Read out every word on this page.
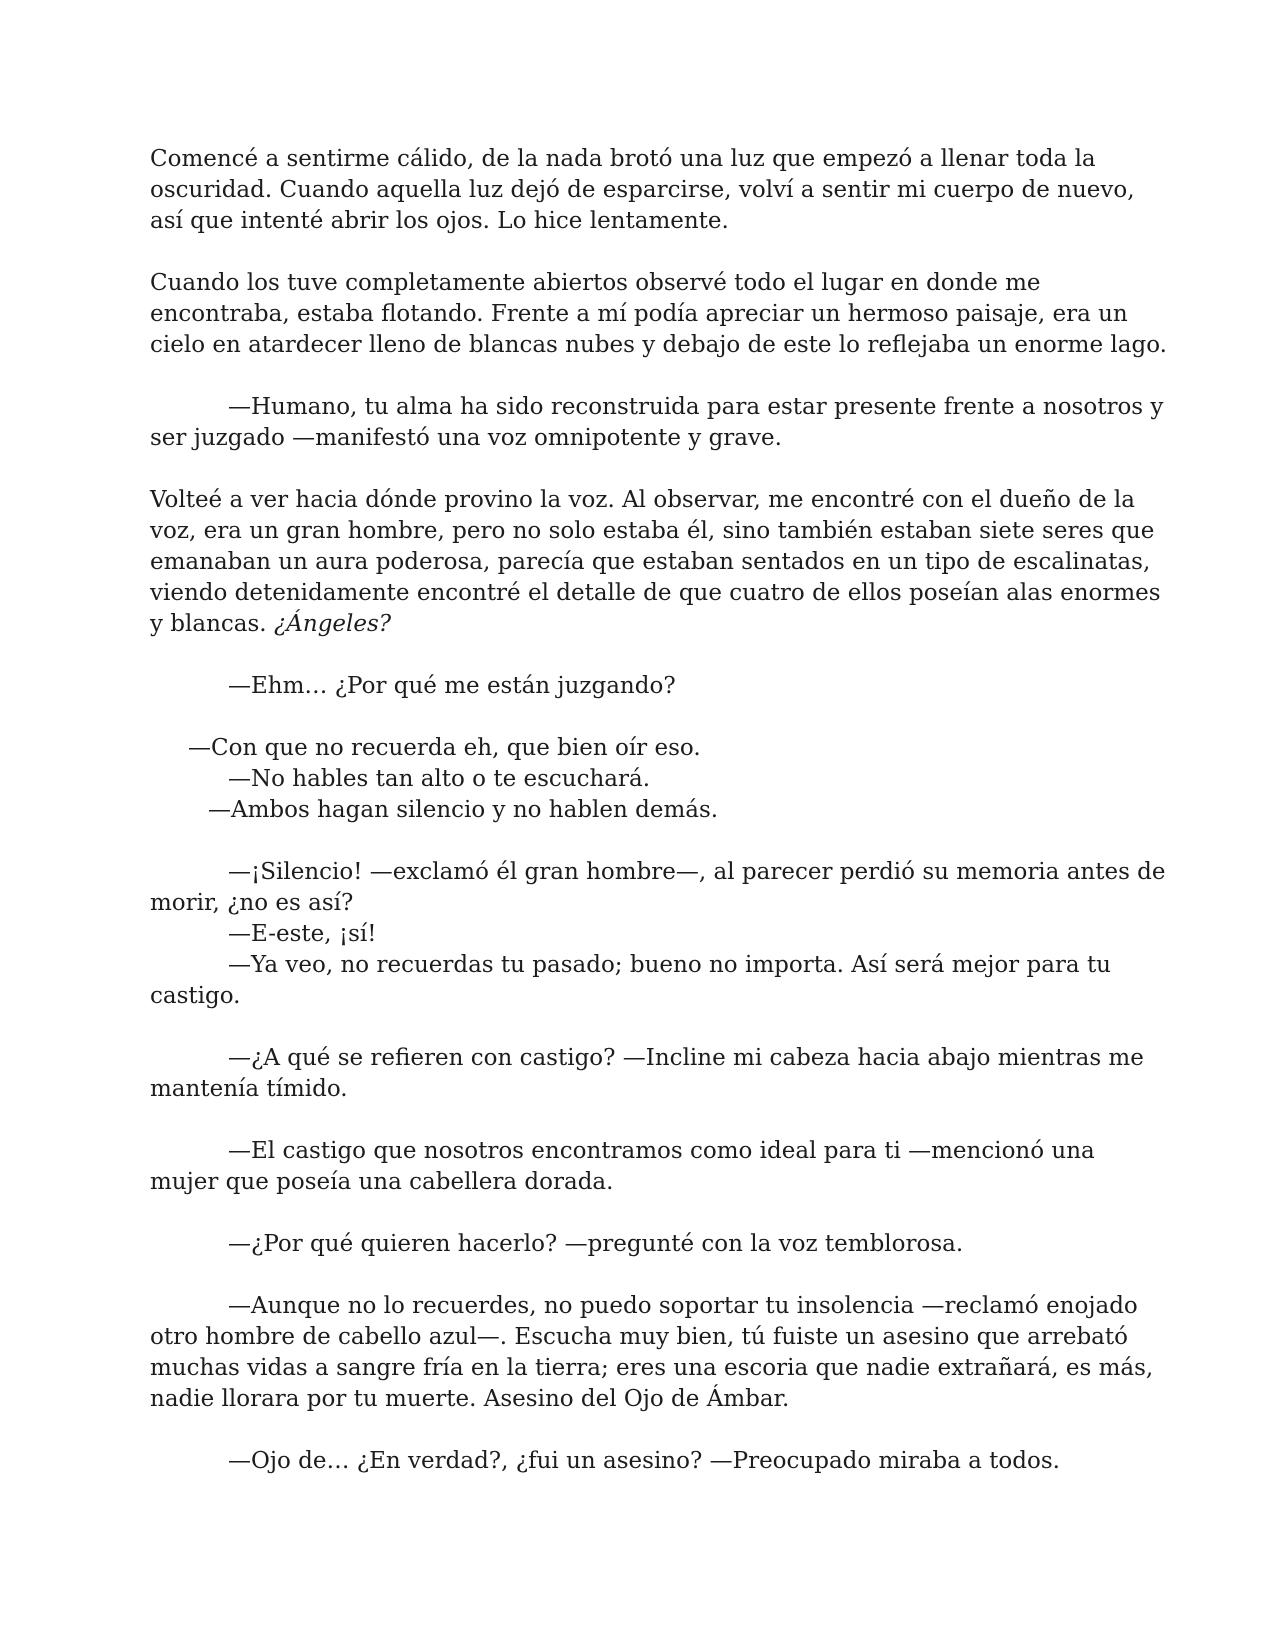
Comencé a sentirme cálido, de la nada brotó una luz que empezó a llenar toda la
oscuridad. Cuando aquella luz dejó de esparcirse, volví a sentir mi cuerpo de nuevo,
así que intenté abrir los ojos. Lo hice lentamente.
Cuando los tuve completamente abiertos observé todo el lugar en donde me
encontraba, estaba flotando. Frente a mí podía apreciar un hermoso paisaje, era un
cielo en atardecer lleno de blancas nubes y debajo de este lo reflejaba un enorme lago.
—Humano, tu alma ha sido reconstruida para estar presente frente a nosotros y
ser juzgado —manifestó una voz omnipotente y grave.
Volteé a ver hacia dónde provino la voz. Al observar, me encontré con el dueño de la
voz, era un gran hombre, pero no solo estaba él, sino también estaban siete seres que
emanaban un aura poderosa, parecía que estaban sentados en un tipo de escalinatas,
viendo detenidamente encontré el detalle de que cuatro de ellos poseían alas enormes
y blancas. ¿Ángeles?
—Ehm… ¿Por qué me están juzgando?
—Con que no recuerda eh, que bien oír eso.
—No hables tan alto o te escuchará.
—Ambos hagan silencio y no hablen demás.
—¡Silencio! —exclamó él gran hombre—, al parecer perdió su memoria antes de
morir, ¿no es así?
—E-este, ¡sí!
—Ya veo, no recuerdas tu pasado; bueno no importa. Así será mejor para tu
castigo.
—¿A qué se refieren con castigo? —Incline mi cabeza hacia abajo mientras me
mantenía tímido.
—El castigo que nosotros encontramos como ideal para ti —mencionó una
mujer que poseía una cabellera dorada.
—¿Por qué quieren hacerlo? —pregunté con la voz temblorosa.
—Aunque no lo recuerdes, no puedo soportar tu insolencia —reclamó enojado
otro hombre de cabello azul—. Escucha muy bien, tú fuiste un asesino que arrebató
muchas vidas a sangre fría en la tierra; eres una escoria que nadie extrañará, es más,
nadie llorara por tu muerte. Asesino del Ojo de Ámbar.
—Ojo de… ¿En verdad?, ¿fui un asesino? —Preocupado miraba a todos.
